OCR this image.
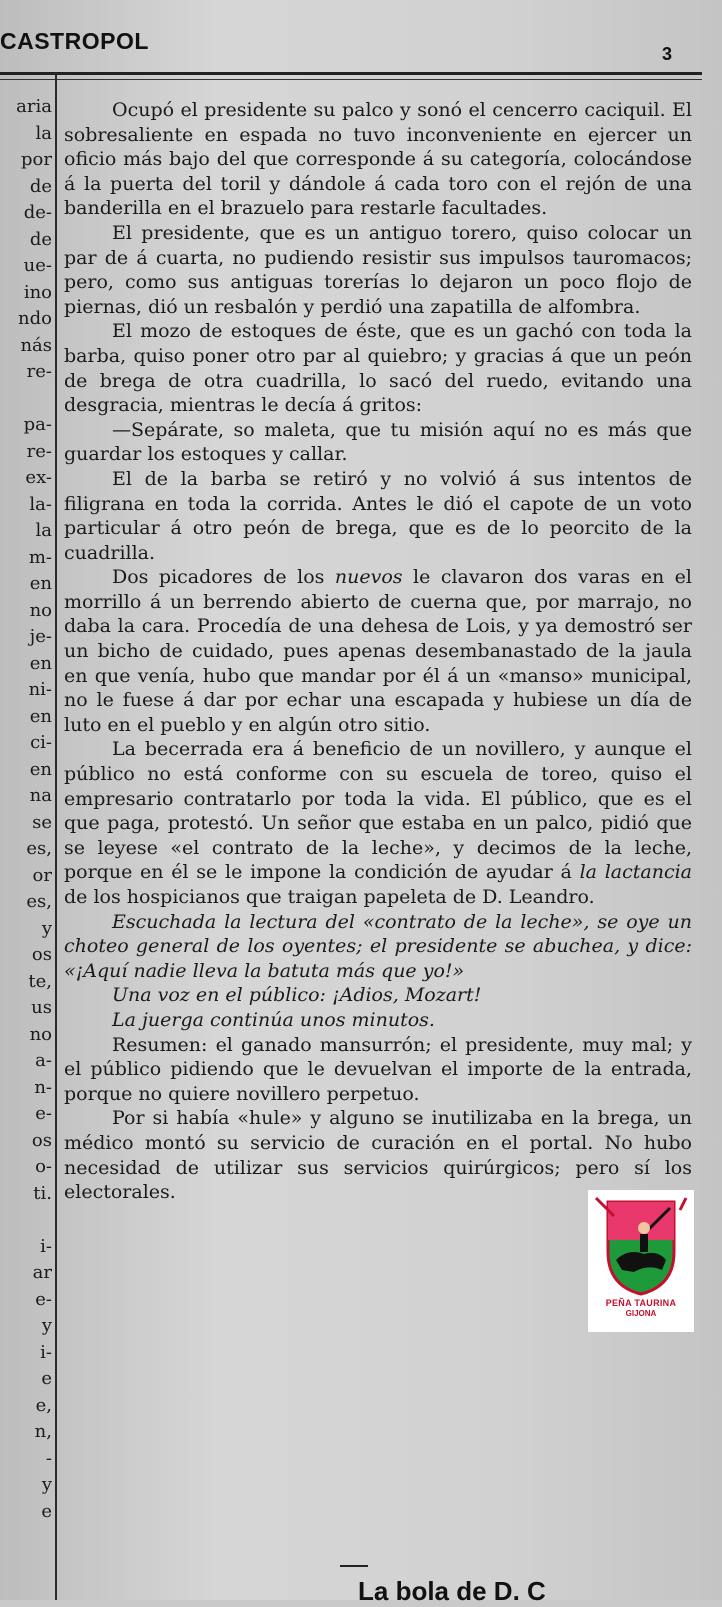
CASTROPOL	3
aria
la
por
de
de-
de
ue-
ino
ndo
nás
re-
pa-
re-
ex-
la-
la
m-
en
no
je-
en
ni-
en
ci-
en
na
se
es,
or
es,
y
os
te,
us
no
a-
n-
e-
os
o-
ti.
i-
ar
e-
y
i-
e
e,
n,
-
y
e

Ocupó el presidente su palco y sonó el cencerro caciquil. El sobresaliente en espada no tuvo inconveniente en ejercer un oficio más bajo del que corresponde á su categoría, colocándose á la puerta del toril y dándole á cada toro con el rejón de una banderilla en el brazuelo para restarle facultades.

El presidente, que es un antiguo torero, quiso colocar un par de á cuarta, no pudiendo resistir sus impulsos tauromacos; pero, como sus antiguas torerías lo dejaron un poco flojo de piernas, dió un resbalón y perdió una zapatilla de alfombra.

El mozo de estoques de éste, que es un gachó con toda la barba, quiso poner otro par al quiebro; y gracias á que un peón de brega de otra cuadrilla, lo sacó del ruedo, evitando una desgracia, mientras le decía á gritos:

—Sepárate, so maleta, que tu misión aquí no es más que guardar los estoques y callar.

El de la barba se retiró y no volvió á sus intentos de filigrana en toda la corrida. Antes le dió el capote de un voto particular á otro peón de brega, que es de lo peorcito de la cuadrilla.

Dos picadores de los nuevos le clavaron dos varas en el morrillo á un berrendo abierto de cuerna que, por marrajo, no daba la cara. Procedía de una dehesa de Lois, y ya demostró ser un bicho de cuidado, pues apenas desembanastado de la jaula en que venía, hubo que mandar por él á un «manso» municipal, no le fuese á dar por echar una escapada y hubiese un día de luto en el pueblo y en algún otro sitio.

La becerrada era á beneficio de un novillero, y aunque el público no está conforme con su escuela de toreo, quiso el empresario contratarlo por toda la vida. El público, que es el que paga, protestó. Un señor que estaba en un palco, pidió que se leyese «el contrato de la leche», y decimos de la leche, porque en él se le impone la condición de ayudar á la lactancia de los hospicianos que traigan papeleta de D. Leandro.

Escuchada la lectura del «contrato de la leche», se oye un choteo general de los oyentes; el presidente se abuchea, y dice: «¡Aquí nadie lleva la batuta más que yo!»

Una voz en el público: ¡Adios, Mozart!

La juerga continúa unos minutos.

Resumen: el ganado mansurrón; el presidente, muy mal; y el público pidiendo que le devuelvan el importe de la entrada, porque no quiere novillero perpetuo.

Por si había «hule» y alguno se inutilizaba en la brega, un médico montó su servicio de curación en el portal. No hubo necesidad de utilizar sus servicios quirúrgicos; pero sí los electorales.

La bola de D. C
PEÑA TAURINA
GIJONA
